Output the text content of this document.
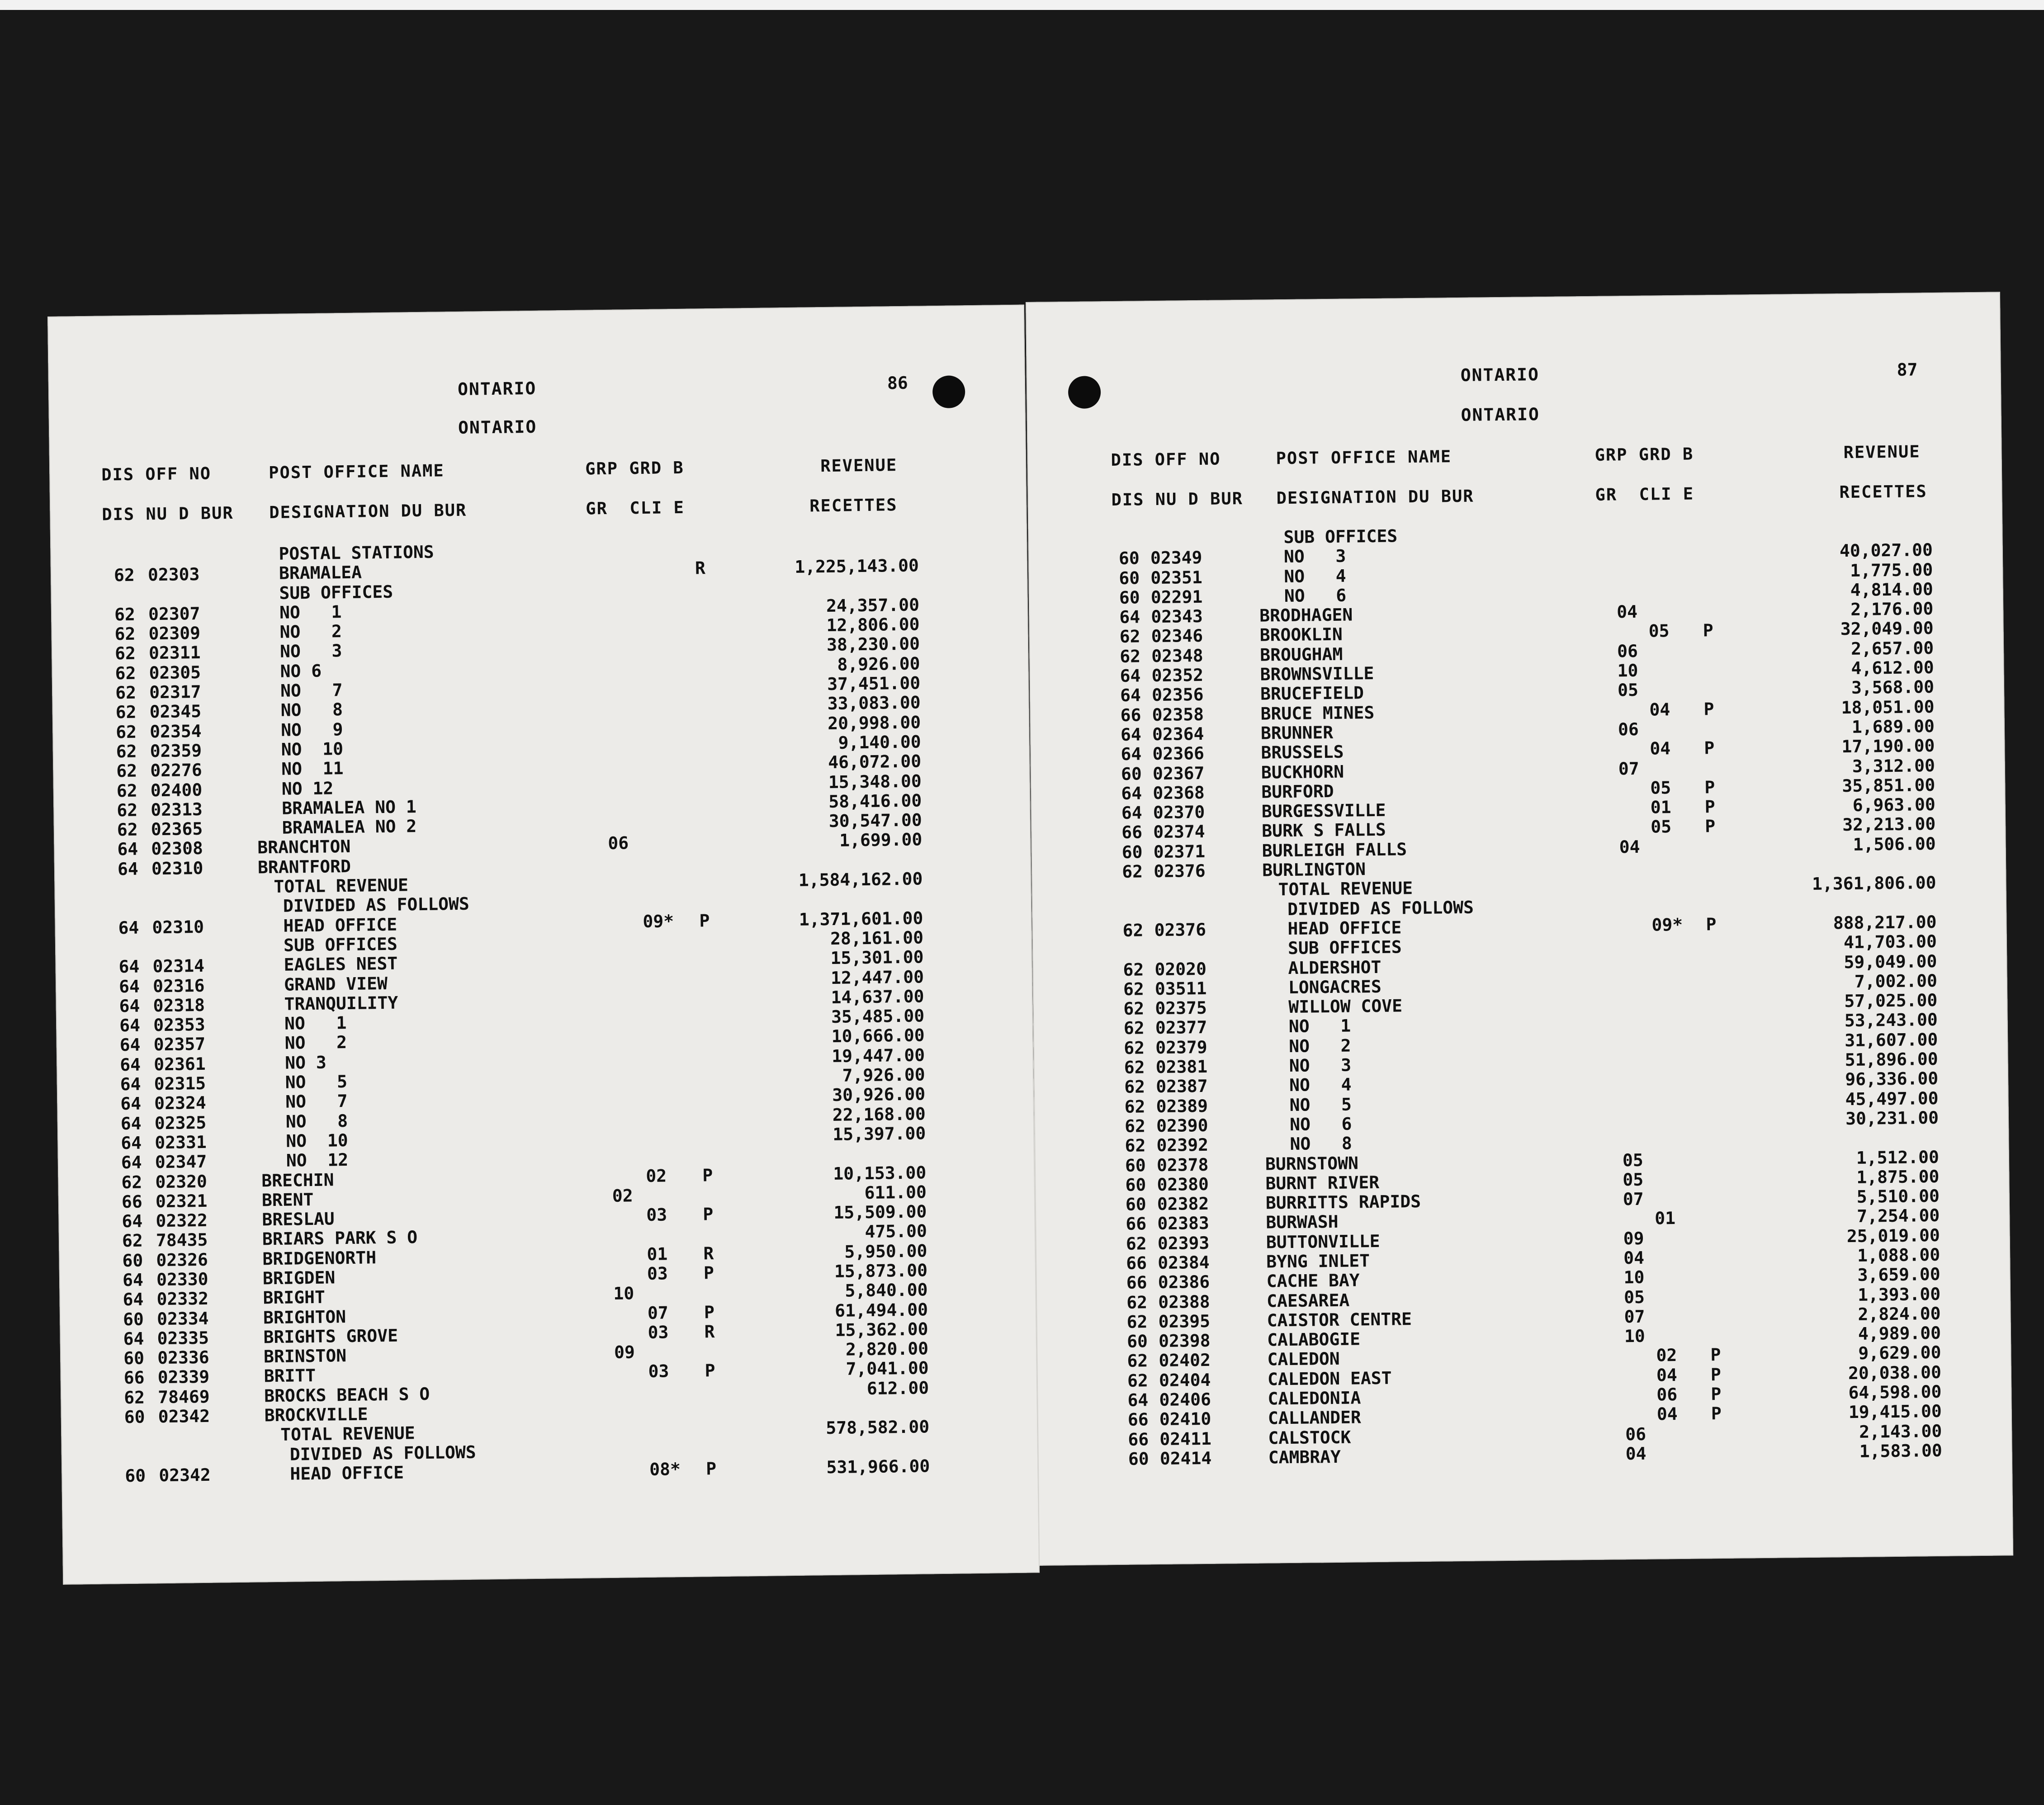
ONTARIO
ONTARIO
86
DIS OFF NO	POST OFFICE NAME	GRP GRD B	REVENUE
DIS NU D BUR DESIGNATION DU BUR	GR  CLI E	RECETTES
POSTAL STATIONS
62 02303	BRAMALEA	R	1,225,143.00
SUB OFFICES
62 02307	NO   1	24,357.00
62 02309	NO   2	12,806.00
62 02311	NO   3	38,230.00
62 02305	NO 6	8,926.00
62 02317	NO   7	37,451.00
62 02345	NO   8	33,083.00
62 02354	NO   9	20,998.00
62 02359	NO  10	9,140.00
62 02276	NO  11	46,072.00
62 02400	NO 12	15,348.00
62 02313	BRAMALEA NO 1	58,416.00
62 02365	BRAMALEA NO 2	30,547.00
64 02308	BRANCHTON	06	1,699.00
64 02310	BRANTFORD
TOTAL REVENUE	1,584,162.00
DIVIDED AS FOLLOWS
64 02310	HEAD OFFICE	09* P	1,371,601.00
SUB OFFICES	28,161.00
64 02314	EAGLES NEST	15,301.00
64 02316	GRAND VIEW	12,447.00
64 02318	TRANQUILITY	14,637.00
64 02353	NO   1	35,485.00
64 02357	NO   2	10,666.00
64 02361	NO 3	19,447.00
64 02315	NO   5	7,926.00
64 02324	NO   7	30,926.00
64 02325	NO   8	22,168.00
64 02331	NO  10	15,397.00
64 02347	NO  12
62 02320	BRECHIN	02 P	10,153.00
66 02321	BRENT	02	611.00
64 02322	BRESLAU	03 P	15,509.00
62 78435	BRIARS PARK S O	475.00
60 02326	BRIDGENORTH	01 R	5,950.00
64 02330	BRIGDEN	03 P	15,873.00
64 02332	BRIGHT	10	5,840.00
60 02334	BRIGHTON	07 P	61,494.00
64 02335	BRIGHTS GROVE	03 R	15,362.00
60 02336	BRINSTON	09	2,820.00
66 02339	BRITT	03 P	7,041.00
62 78469	BROCKS BEACH S O	612.00
60 02342	BROCKVILLE
TOTAL REVENUE	578,582.00
DIVIDED AS FOLLOWS
60 02342	HEAD OFFICE	08* P	531,966.00
ONTARIO
ONTARIO
87
DIS OFF NO	POST OFFICE NAME	GRP GRD B	REVENUE
DIS NU D BUR DESIGNATION DU BUR	GR  CLI E	RECETTES
SUB OFFICES
60 02349	NO   3	40,027.00
60 02351	NO   4	1,775.00
60 02291	NO   6	4,814.00
64 02343	BRODHAGEN	04	2,176.00
62 02346	BROOKLIN	05 P	32,049.00
62 02348	BROUGHAM	06	2,657.00
64 02352	BROWNSVILLE	10	4,612.00
64 02356	BRUCEFIELD	05	3,568.00
66 02358	BRUCE MINES	04 P	18,051.00
64 02364	BRUNNER	06	1,689.00
64 02366	BRUSSELS	04 P	17,190.00
60 02367	BUCKHORN	07	3,312.00
64 02368	BURFORD	05 P	35,851.00
64 02370	BURGESSVILLE	01 P	6,963.00
66 02374	BURK S FALLS	05 P	32,213.00
60 02371	BURLEIGH FALLS	04	1,506.00
62 02376	BURLINGTON
TOTAL REVENUE	1,361,806.00
DIVIDED AS FOLLOWS
62 02376	HEAD OFFICE	09* P	888,217.00
SUB OFFICES	41,703.00
62 02020	ALDERSHOT	59,049.00
62 03511	LONGACRES	7,002.00
62 02375	WILLOW COVE	57,025.00
62 02377	NO   1	53,243.00
62 02379	NO   2	31,607.00
62 02381	NO   3	51,896.00
62 02387	NO   4	96,336.00
62 02389	NO   5	45,497.00
62 02390	NO   6	30,231.00
62 02392	NO   8
60 02378	BURNSTOWN	05	1,512.00
60 02380	BURNT RIVER	05	1,875.00
60 02382	BURRITTS RAPIDS	07	5,510.00
66 02383	BURWASH	01	7,254.00
62 02393	BUTTONVILLE	09	25,019.00
66 02384	BYNG INLET	04	1,088.00
66 02386	CACHE BAY	10	3,659.00
62 02388	CAESAREA	05	1,393.00
62 02395	CAISTOR CENTRE	07	2,824.00
60 02398	CALABOGIE	10	4,989.00
62 02402	CALEDON	02 P	9,629.00
62 02404	CALEDON EAST	04 P	20,038.00
64 02406	CALEDONIA	06 P	64,598.00
66 02410	CALLANDER	04 P	19,415.00
66 02411	CALSTOCK	06	2,143.00
60 02414	CAMBRAY	04	1,583.00
